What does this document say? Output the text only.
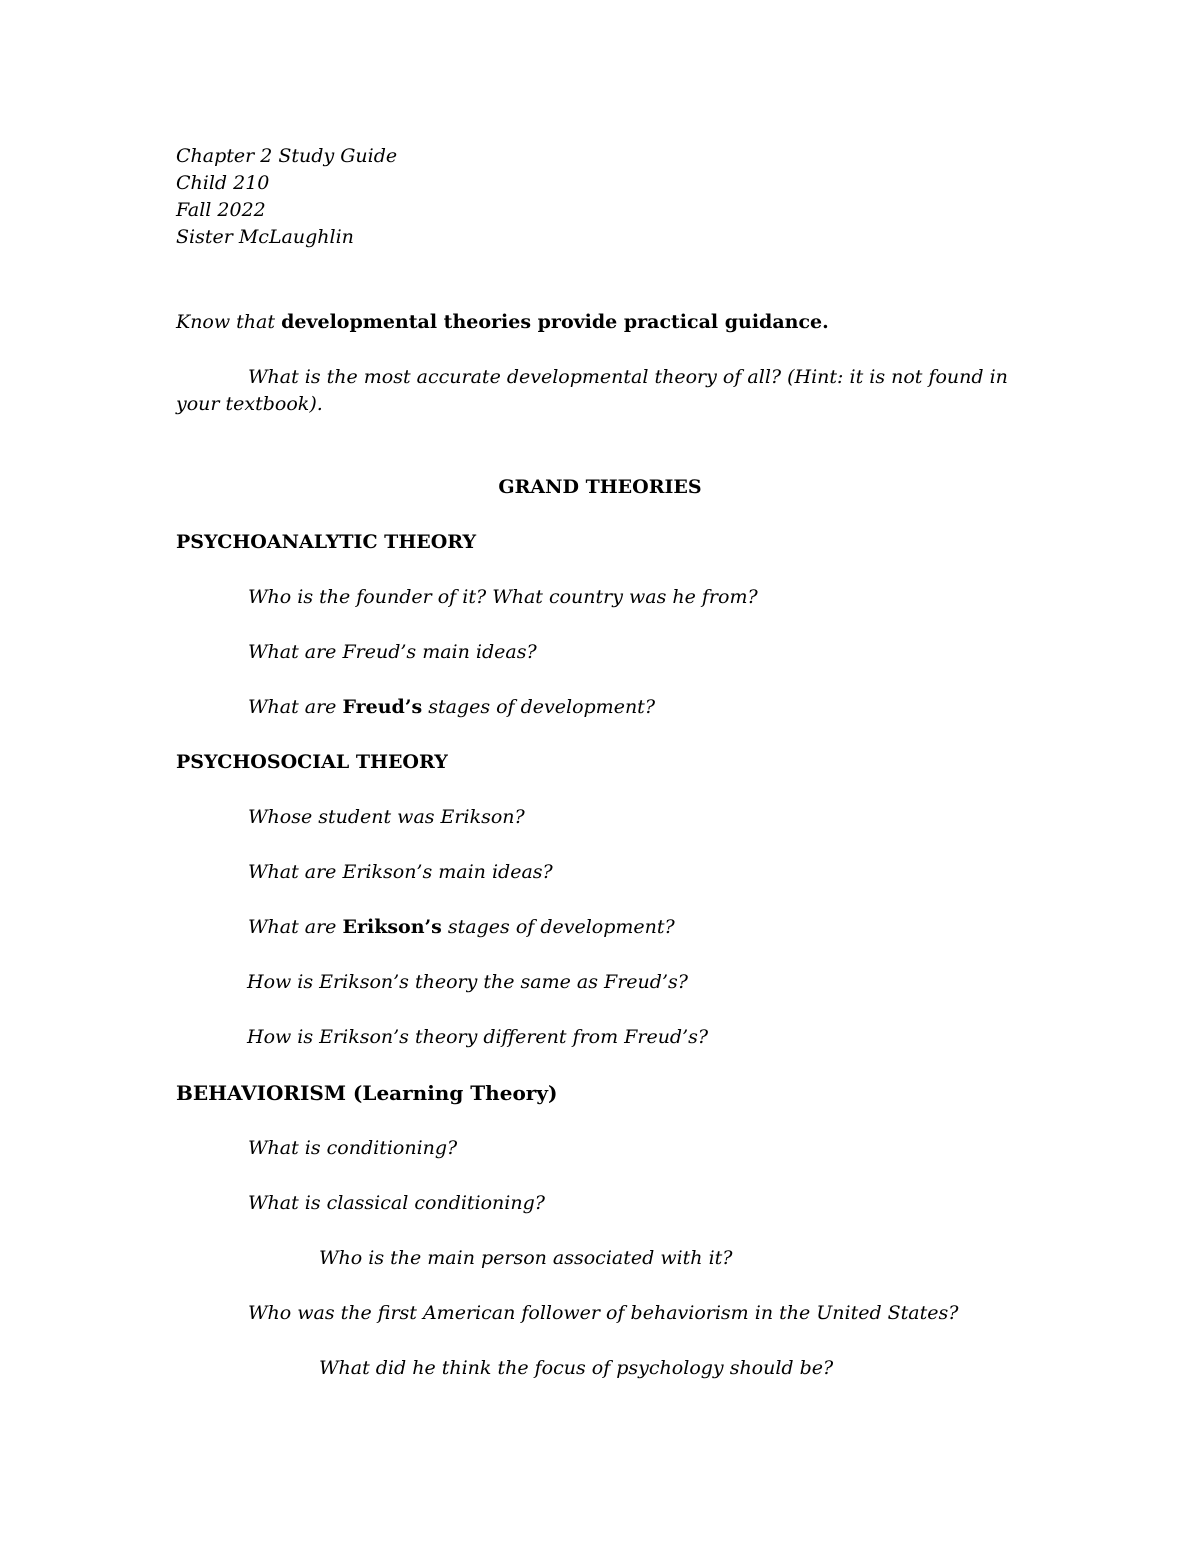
Chapter 2 Study Guide
Child 210
Fall 2022
Sister McLaughlin
Know that developmental theories provide practical guidance.
What is the most accurate developmental theory of all? (Hint: it is not found in your textbook).
GRAND THEORIES
PSYCHOANALYTIC THEORY
Who is the founder of it? What country was he from?
What are Freud’s main ideas?
What are Freud’s stages of development?
PSYCHOSOCIAL THEORY
Whose student was Erikson?
What are Erikson’s main ideas?
What are Erikson’s stages of development?
How is Erikson’s theory the same as Freud’s?
How is Erikson’s theory different from Freud’s?
BEHAVIORISM (Learning Theory)
What is conditioning?
What is classical conditioning?
Who is the main person associated with it?
Who was the first American follower of behaviorism in the United States?
What did he think the focus of psychology should be?
